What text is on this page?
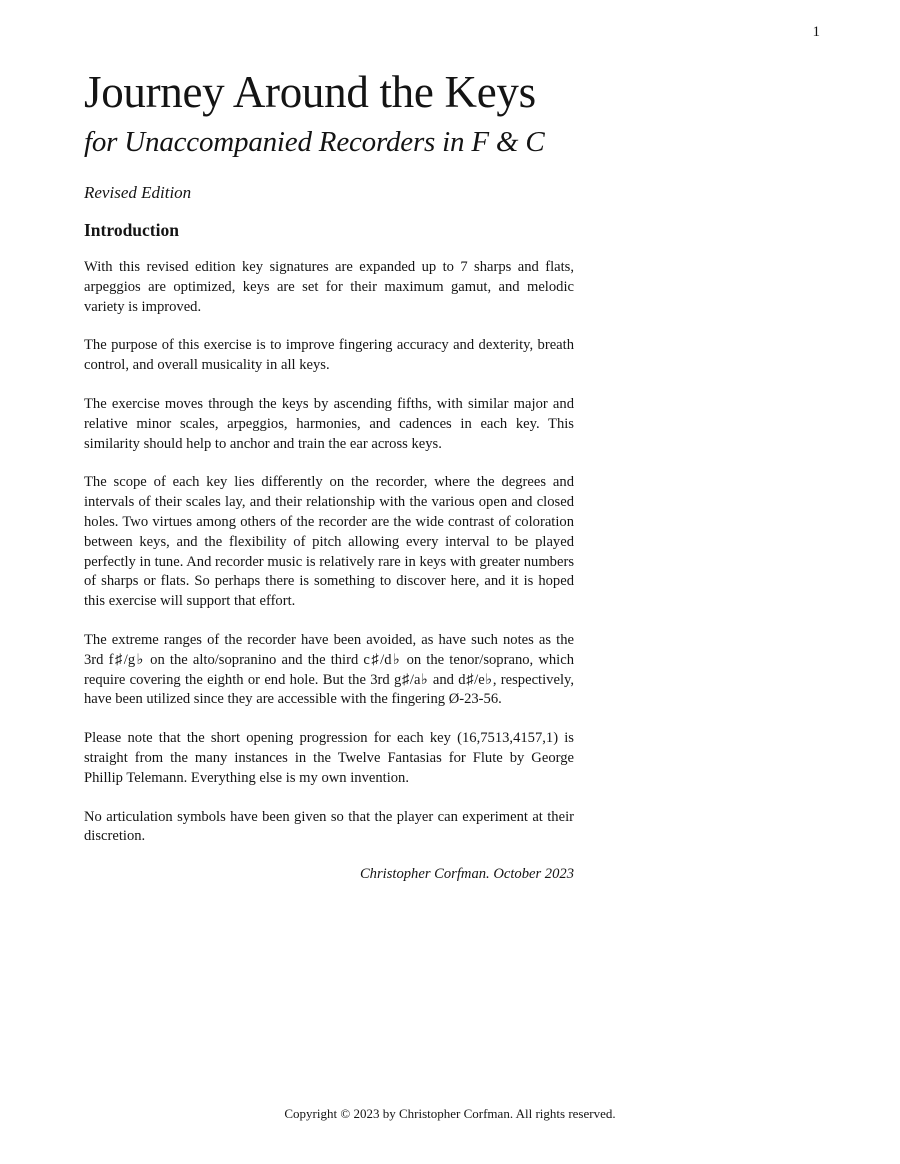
1
Journey Around the Keys
for Unaccompanied Recorders in F & C
Revised Edition
Introduction

With this revised edition key signatures are expanded up to 7 sharps and flats, arpeggios are optimized, keys are set for their maximum gamut, and melodic variety is improved.

The purpose of this exercise is to improve fingering accuracy and dexterity, breath control, and overall musicality in all keys.

The exercise moves through the keys by ascending fifths, with similar major and relative minor scales, arpeggios, harmonies, and cadences in each key. This similarity should help to anchor and train the ear across keys.

The scope of each key lies differently on the recorder, where the degrees and intervals of their scales lay, and their relationship with the various open and closed holes. Two virtues among others of the recorder are the wide contrast of coloration between keys, and the flexibility of pitch allowing every interval to be played perfectly in tune. And recorder music is relatively rare in keys with greater numbers of sharps or flats. So perhaps there is something to discover here, and it is hoped this exercise will support that effort.

The extreme ranges of the recorder have been avoided, as have such notes as the 3rd f♯/g♭ on the alto/sopranino and the third c♯/d♭ on the tenor/soprano, which require covering the eighth or end hole. But the 3rd g♯/a♭ and d♯/e♭, respectively, have been utilized since they are accessible with the fingering Ø-23-56.

Please note that the short opening progression for each key (16,7513,4157,1) is straight from the many instances in the Twelve Fantasias for Flute by George Phillip Telemann. Everything else is my own invention.

No articulation symbols have been given so that the player can experiment at their discretion.

Christopher Corfman. October 2023
Copyright © 2023 by Christopher Corfman. All rights reserved.
